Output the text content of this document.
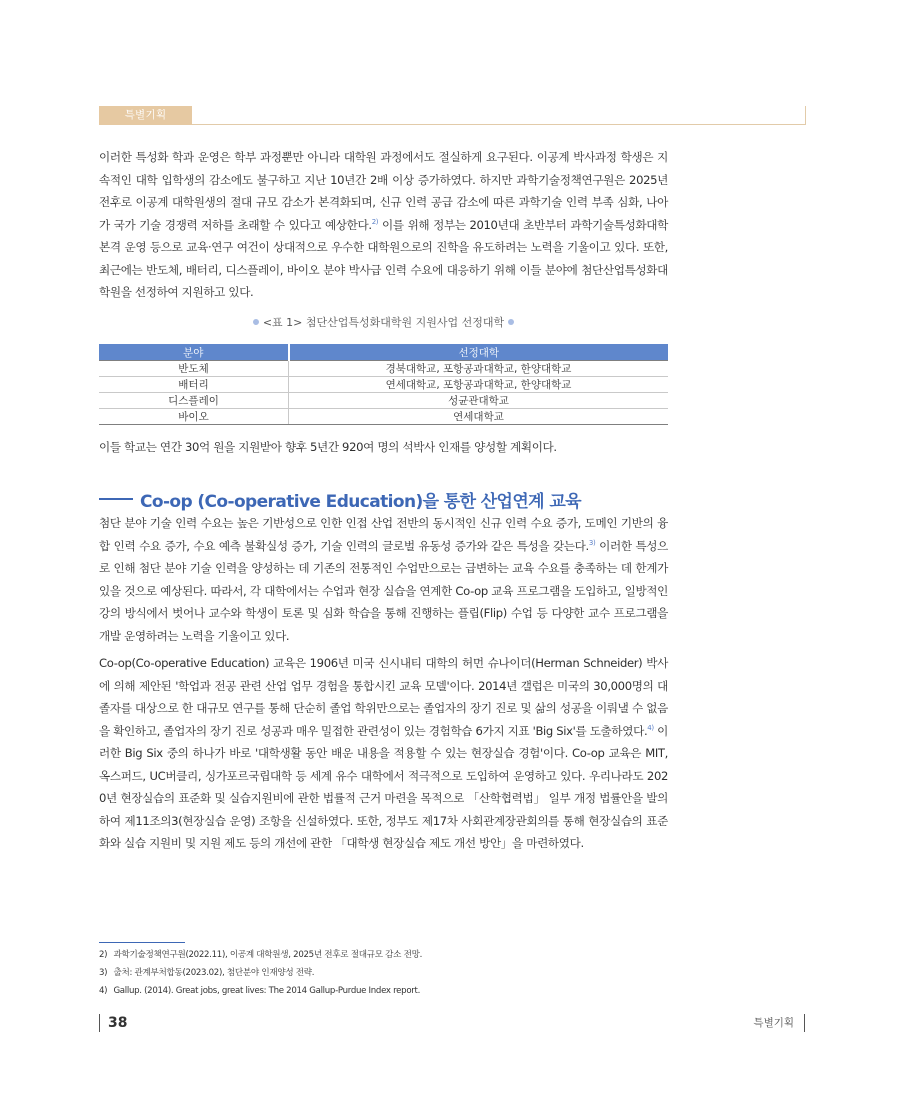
특별기획

이러한 특성화 학과 운영은 학부 과정뿐만 아니라 대학원 과정에서도 절실하게 요구된다. 이공계 박사과정 학생은 지속적인 대학 입학생의 감소에도 불구하고 지난 10년간 2배 이상 증가하였다. 하지만 과학기술정책연구원은 2025년 전후로 이공계 대학원생의 절대 규모 감소가 본격화되며, 신규 인력 공급 감소에 따른 과학기술 인력 부족 심화, 나아가 국가 기술 경쟁력 저하를 초래할 수 있다고 예상한다.$^{2)}$ 이를 위해 정부는 2010년대 초반부터 과학기술특성화대학 본격 운영 등으로 교육·연구 여건이 상대적으로 우수한 대학원으로의 진학을 유도하려는 노력을 기울이고 있다. 또한, 최근에는 반도체, 배터리, 디스플레이, 바이오 분야 박사급 인력 수요에 대응하기 위해 이들 분야에 첨단산업특성화대학원을 선정하여 지원하고 있다.

<표 1> 첨단산업특성화대학원 지원사업 선정대학
분야	선정대학
반도체	경북대학교, 포항공과대학교, 한양대학교
배터리	연세대학교, 포항공과대학교, 한양대학교
디스플레이	성균관대학교
바이오	연세대학교

이들 학교는 연간 30억 원을 지원받아 향후 5년간 920여 명의 석박사 인재를 양성할 계획이다.

Co-op (Co-operative Education)을 통한 산업연계 교육

첨단 분야 기술 인력 수요는 높은 기반성으로 인한 인접 산업 전반의 동시적인 신규 인력 수요 증가, 도메인 기반의 융합 인력 수요 증가, 수요 예측 불확실성 증가, 기술 인력의 글로벌 유동성 증가와 같은 특성을 갖는다.$^{3)}$ 이러한 특성으로 인해 첨단 분야 기술 인력을 양성하는 데 기존의 전통적인 수업만으로는 급변하는 교육 수요를 충족하는 데 한계가 있을 것으로 예상된다. 따라서, 각 대학에서는 수업과 현장 실습을 연계한 Co-op 교육 프로그램을 도입하고, 일방적인 강의 방식에서 벗어나 교수와 학생이 토론 및 심화 학습을 통해 진행하는 플립(Flip) 수업 등 다양한 교수 프로그램을 개발 운영하려는 노력을 기울이고 있다.

Co-op(Co-operative Education) 교육은 1906년 미국 신시내티 대학의 허먼 슈나이더(Herman Schneider) 박사에 의해 제안된 '학업과 전공 관련 산업 업무 경험을 통합시킨 교육 모델'이다. 2014년 갤럽은 미국의 30,000명의 대졸자를 대상으로 한 대규모 연구를 통해 단순히 졸업 학위만으로는 졸업자의 장기 진로 및 삶의 성공을 이뤄낼 수 없음을 확인하고, 졸업자의 장기 진로 성공과 매우 밀접한 관련성이 있는 경험학습 6가지 지표 'Big Six'를 도출하였다.$^{4)}$ 이러한 Big Six 중의 하나가 바로 '대학생활 동안 배운 내용을 적용할 수 있는 현장실습 경험'이다. Co-op 교육은 MIT, 옥스퍼드, UC버클리, 싱가포르국립대학 등 세계 유수 대학에서 적극적으로 도입하여 운영하고 있다. 우리나라도 2020년 현장실습의 표준화 및 실습지원비에 관한 법률적 근거 마련을 목적으로 「산학협력법」 일부 개정 법률안을 발의하여 제11조의3(현장실습 운영) 조항을 신설하였다. 또한, 정부도 제17차 사회관계장관회의를 통해 현장실습의 표준화와 실습 지원비 및 지원 제도 등의 개선에 관한 「대학생 현장실습 제도 개선 방안」을 마련하였다.

2) 과학기술정책연구원(2022.11), 이공계 대학원생, 2025년 전후로 절대규모 감소 전망.
3) 출처: 관계부처합동(2023.02), 첨단분야 인재양성 전략.
4) Gallup. (2014). Great jobs, great lives: The 2014 Gallup-Purdue Index report.
38	특별기획
